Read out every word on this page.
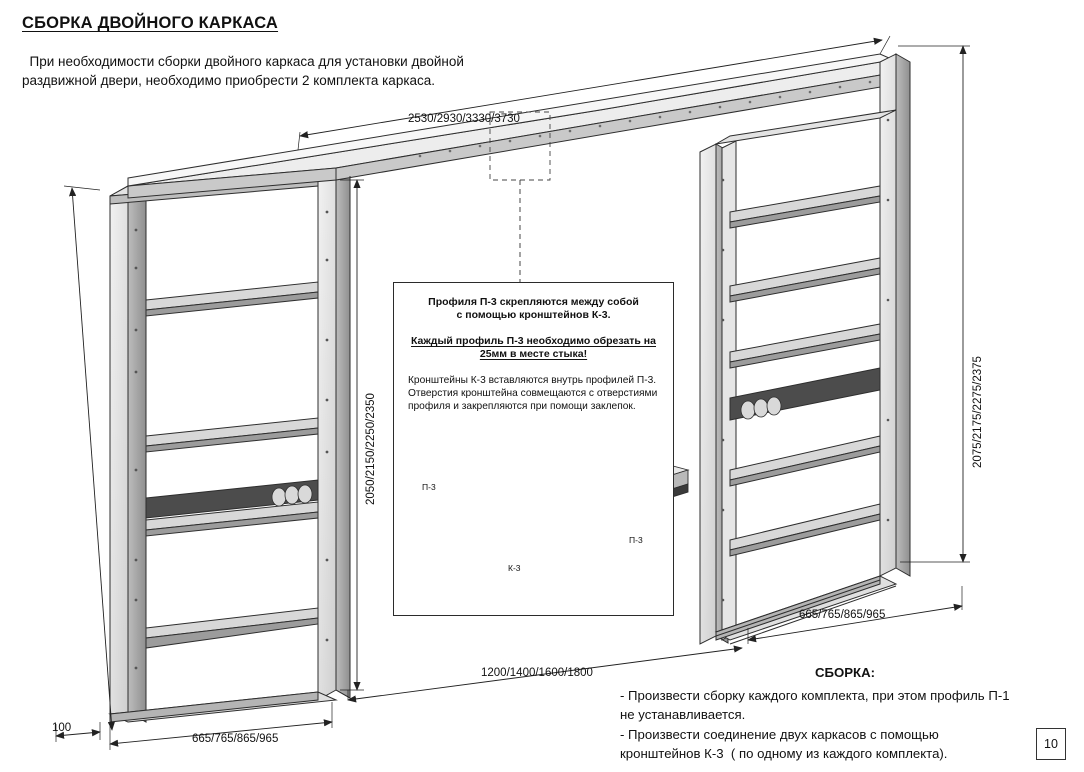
СБОРКА ДВОЙНОГО КАРКАСА
При необходимости сборки двойного каркаса для установки двойной
раздвижной двери, необходимо приобрести 2 комплекта каркаса.
Профиля П-3 скрепляются между собой
с помощью кронштейнов К-3.
Каждый профиль П-3 необходимо обрезать на
25мм в месте стыка!
Кронштейны К-3 вставляются внутрь профилей П-3.
Отверстия кронштейна совмещаются с отверстиями
профиля и закрепляются при помощи заклепок.
П-3
П-3
К-3
2530/2930/3330/3730
2075/2175/2275/2375
2050/2150/2250/2350
665/765/865/965
665/765/865/965
1200/1400/1600/1800
100
СБОРКА:
- Произвести сборку каждого комплекта, при этом профиль П-1
не устанавливается.
- Произвести соединение двух каркасов с помощью
кронштейнов К-3  ( по одному из каждого комплекта).
10
